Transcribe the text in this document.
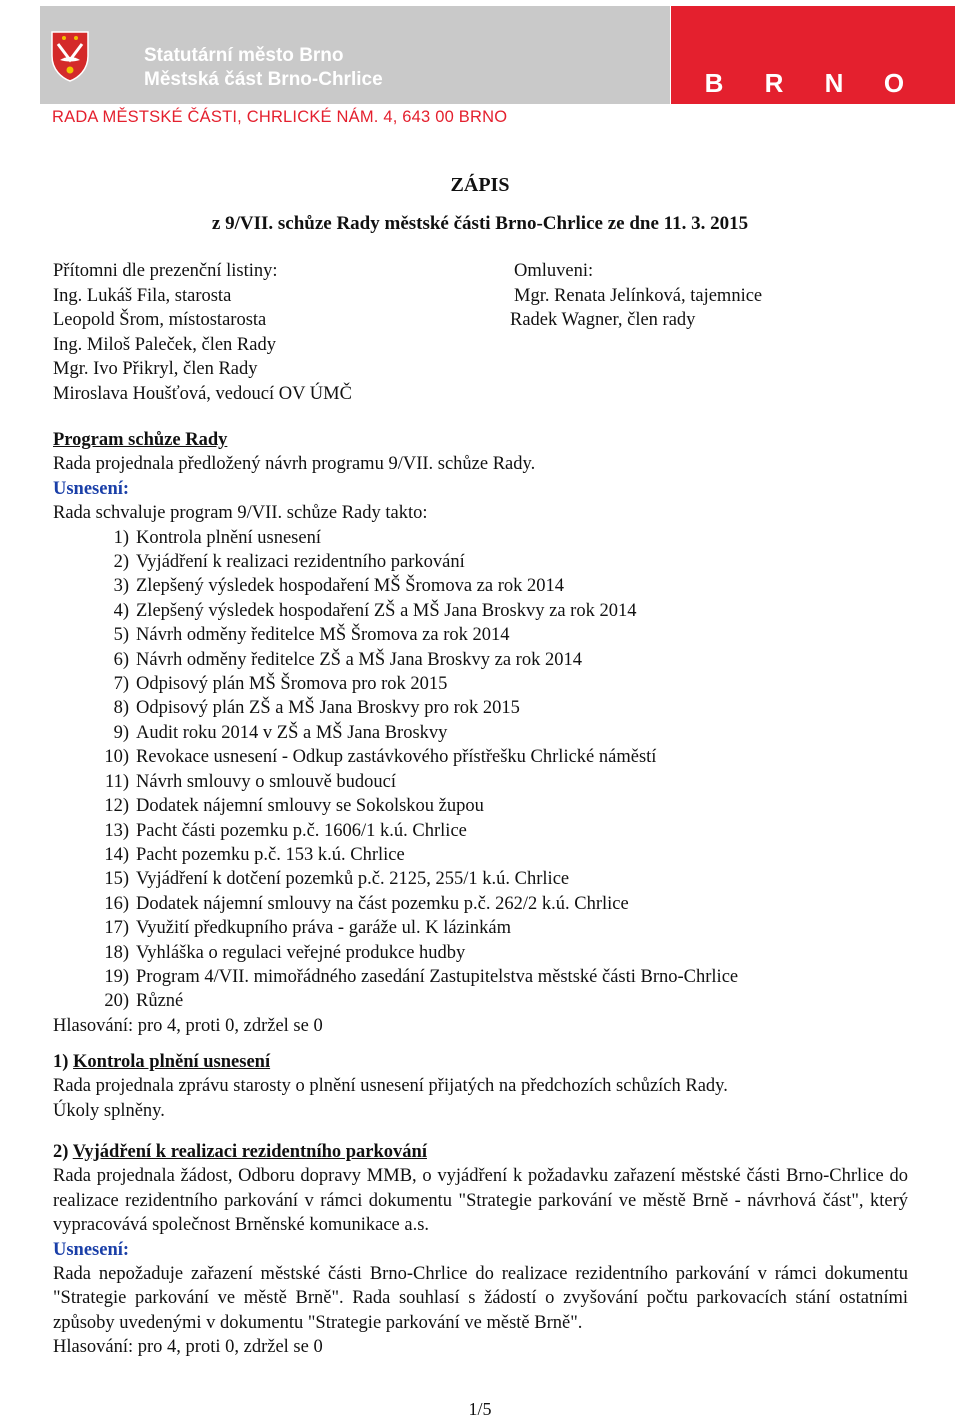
Statutární město Brno
Městská část Brno-Chrlice	B	R	N	O
RADA MĚSTSKÉ ČÁSTI, CHRLICKÉ NÁM. 4, 643 00 BRNO
ZÁPIS
z 9/VII. schůze Rady městské části Brno-Chrlice ze dne 11. 3. 2015
Přítomni dle prezenční listiny:
Ing. Lukáš Fila, starosta
Leopold Šrom, místostarosta
Ing. Miloš Paleček, člen Rady
Mgr. Ivo Přikryl, člen Rady
Miroslava Houšťová, vedoucí OV ÚMČ
Omluveni:
Mgr. Renata Jelínková, tajemnice
Radek Wagner, člen rady
Program schůze Rady
Rada projednala předložený návrh programu 9/VII. schůze Rady.
Usnesení:
Rada schvaluje program 9/VII. schůze Rady takto:
1) Kontrola plnění usnesení
2) Vyjádření k realizaci rezidentního parkování
3) Zlepšený výsledek hospodaření MŠ Šromova za rok 2014
4) Zlepšený výsledek hospodaření ZŠ a MŠ Jana Broskvy za rok 2014
5) Návrh odměny ředitelce MŠ Šromova za rok 2014
6) Návrh odměny ředitelce ZŠ a MŠ Jana Broskvy za rok 2014
7) Odpisový plán MŠ Šromova pro rok 2015
8) Odpisový plán ZŠ a MŠ Jana Broskvy pro rok 2015
9) Audit roku 2014 v ZŠ a MŠ Jana Broskvy
10) Revokace usnesení - Odkup zastávkového přístřešku Chrlické náměstí
11) Návrh smlouvy o smlouvě budoucí
12) Dodatek nájemní smlouvy se Sokolskou župou
13) Pacht části pozemku p.č. 1606/1 k.ú. Chrlice
14) Pacht pozemku p.č. 153 k.ú. Chrlice
15) Vyjádření k dotčení pozemků p.č. 2125, 255/1 k.ú. Chrlice
16) Dodatek nájemní smlouvy na část pozemku p.č. 262/2 k.ú. Chrlice
17) Využití předkupního práva - garáže ul. K lázinkám
18) Vyhláška o regulaci veřejné produkce hudby
19) Program 4/VII. mimořádného zasedání Zastupitelstva městské části Brno-Chrlice
20) Různé
Hlasování: pro 4, proti 0, zdržel se 0
1) Kontrola plnění usnesení
Rada projednala zprávu starosty o plnění usnesení přijatých na předchozích schůzích Rady.
Úkoly splněny.
2) Vyjádření k realizaci rezidentního parkování
Rada projednala žádost, Odboru dopravy MMB, o vyjádření k požadavku zařazení městské části Brno-Chrlice do realizace rezidentního parkování v rámci dokumentu "Strategie parkování ve městě Brně - návrhová část", který vypracovává společnost Brněnské komunikace a.s.
Usnesení:
Rada nepožaduje zařazení městské části Brno-Chrlice do realizace rezidentního parkování v rámci dokumentu "Strategie parkování ve městě Brně". Rada souhlasí s žádostí o zvyšování počtu parkovacích stání ostatními způsoby uvedenými v dokumentu "Strategie parkování ve městě Brně".
Hlasování: pro 4, proti 0, zdržel se 0
1/5
